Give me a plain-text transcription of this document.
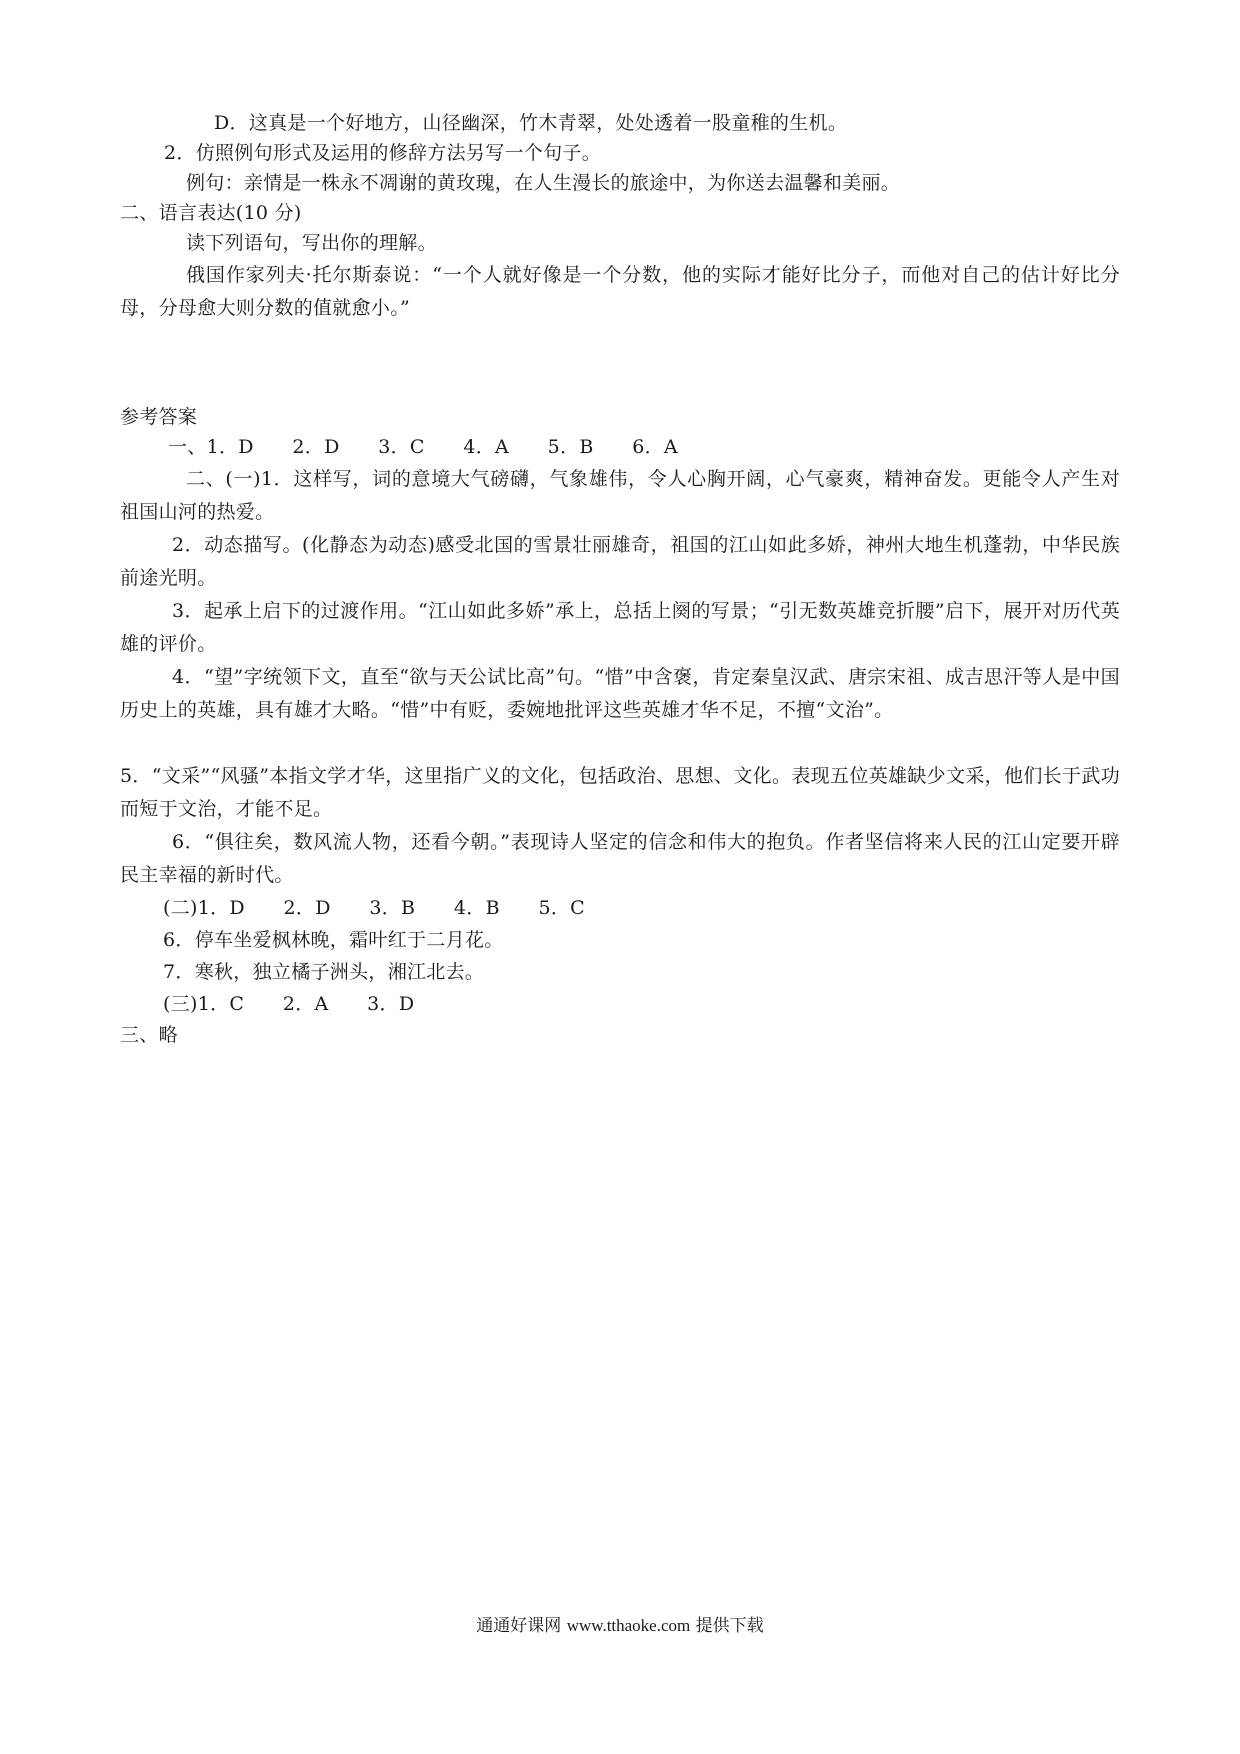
D．这真是一个好地方，山径幽深，竹木青翠，处处透着一股童稚的生机。
2．仿照例句形式及运用的修辞方法另写一个句子。
例句：亲情是一株永不凋谢的黄玫瑰，在人生漫长的旅途中，为你送去温馨和美丽。
二、语言表达(10 分)
读下列语句，写出你的理解。
俄国作家列夫·托尔斯泰说：“一个人就好像是一个分数，他的实际才能好比分子，而他对自己的估计好比分母，分母愈大则分数的值就愈小。”
参考答案
一、1．D　　2．D　　3．C　　4．A　　5．B　　6．A
二、(一)1．这样写，词的意境大气磅礴，气象雄伟，令人心胸开阔，心气豪爽，精神奋发。更能令人产生对祖国山河的热爱。
2．动态描写。(化静态为动态)感受北国的雪景壮丽雄奇，祖国的江山如此多娇，神州大地生机蓬勃，中华民族前途光明。
3．起承上启下的过渡作用。“江山如此多娇”承上，总括上阕的写景；“引无数英雄竞折腰”启下，展开对历代英雄的评价。
4．“望”字统领下文，直至“欲与天公试比高”句。“惜”中含褒，肯定秦皇汉武、唐宗宋祖、成吉思汗等人是中国历史上的英雄，具有雄才大略。“惜”中有贬，委婉地批评这些英雄才华不足，不擅“文治”。
5．“文采”“风骚”本指文学才华，这里指广义的文化，包括政治、思想、文化。表现五位英雄缺少文采，他们长于武功而短于文治，才能不足。
6．“俱往矣，数风流人物，还看今朝。”表现诗人坚定的信念和伟大的抱负。作者坚信将来人民的江山定要开辟民主幸福的新时代。
(二)1．D　　2．D　　3．B　　4．B　　5．C
6．停车坐爱枫林晚，霜叶红于二月花。
7．寒秋，独立橘子洲头，湘江北去。
(三)1．C　　2．A　　3．D
三、略
通通好课网 www.tthaoke.com 提供下载
